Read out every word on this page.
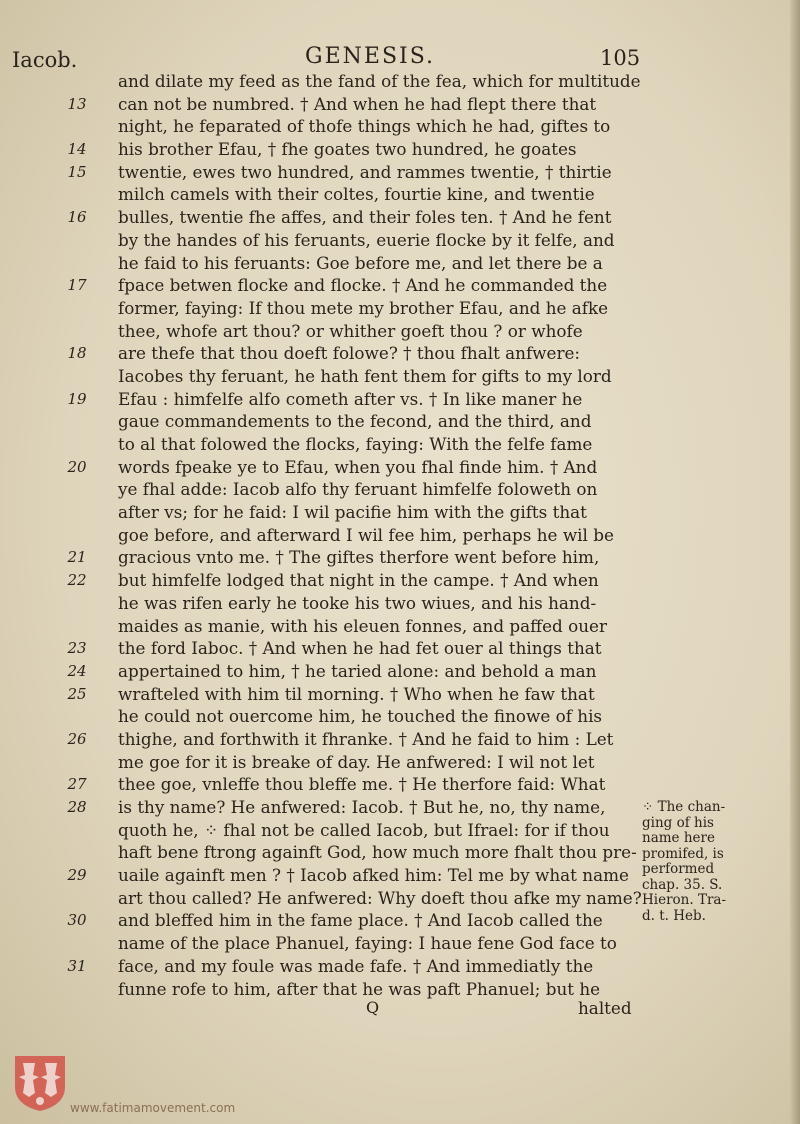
Iacob.	GENESIS.	105
and dilate my feed as the fand of the fea, which for multitude
13	can not be numbred. † And when he had flept there that
night, he feparated of thofe things which he had, giftes to
14	his brother Efau, † fhe goates two hundred, he goates
15	twentie, ewes two hundred, and rammes twentie, † thirtie
milch camels with their coltes, fourtie kine, and twentie
16	bulles, twentie fhe affes, and their foles ten. † And he fent
by the handes of his feruants, euerie flocke by it felfe, and
he faid to his feruants: Goe before me, and let there be a
17	fpace betwen flocke and flocke. † And he commanded the
former, faying: If thou mete my brother Efau, and he afke
thee, whofe art thou? or whither goeft thou ? or whofe
18	are thefe that thou doeft folowe? † thou fhalt anfwere:
Iacobes thy feruant, he hath fent them for gifts to my lord
19	Efau : himfelfe alfo cometh after vs. † In like maner he
gaue commandements to the fecond, and the third, and
to al that folowed the flocks, faying: With the felfe fame
20	words fpeake ye to Efau, when you fhal finde him. † And
ye fhal adde: Iacob alfo thy feruant himfelfe foloweth on
after vs; for he faid: I wil pacifie him with the gifts that
goe before, and afterward I wil fee him, perhaps he wil be
21	gracious vnto me. † The giftes therfore went before him,
22	but himfelfe lodged that night in the campe. † And when
he was rifen early he tooke his two wiues, and his hand-
maides as manie, with his eleuen fonnes, and paffed ouer
23	the ford Iaboc. † And when he had fet ouer al things that
24	appertained to him, † he taried alone: and behold a man
25	wrafteled with him til morning. † Who when he faw that
he could not ouercome him, he touched the finowe of his
26	thighe, and forthwith it fhranke. † And he faid to him : Let
me goe for it is breake of day. He anfwered: I wil not let
27	thee goe, vnleffe thou bleffe me. † He therfore faid: What
28	is thy name? He anfwered: Iacob. † But he, no, thy name,
quoth he, ⁘ fhal not be called Iacob, but Ifrael: for if thou
haft bene ftrong againft God, how much more fhalt thou pre-
29	uaile againft men ? † Iacob afked him: Tel me by what name
art thou called? He anfwered: Why doeft thou afke my name?
30	and bleffed him in the fame place. † And Iacob called the
name of the place Phanuel, faying: I haue fene God face to
31	face, and my foule was made fafe. † And immediatly the
funne rofe to him, after that he was paft Phanuel; but he
⁘ The chan-
ging of his
name here
promifed, is
performed
chap. 35. S.
Hieron. Tra-
d. t. Heb.
Q	halted
www.fatimamovement.com
